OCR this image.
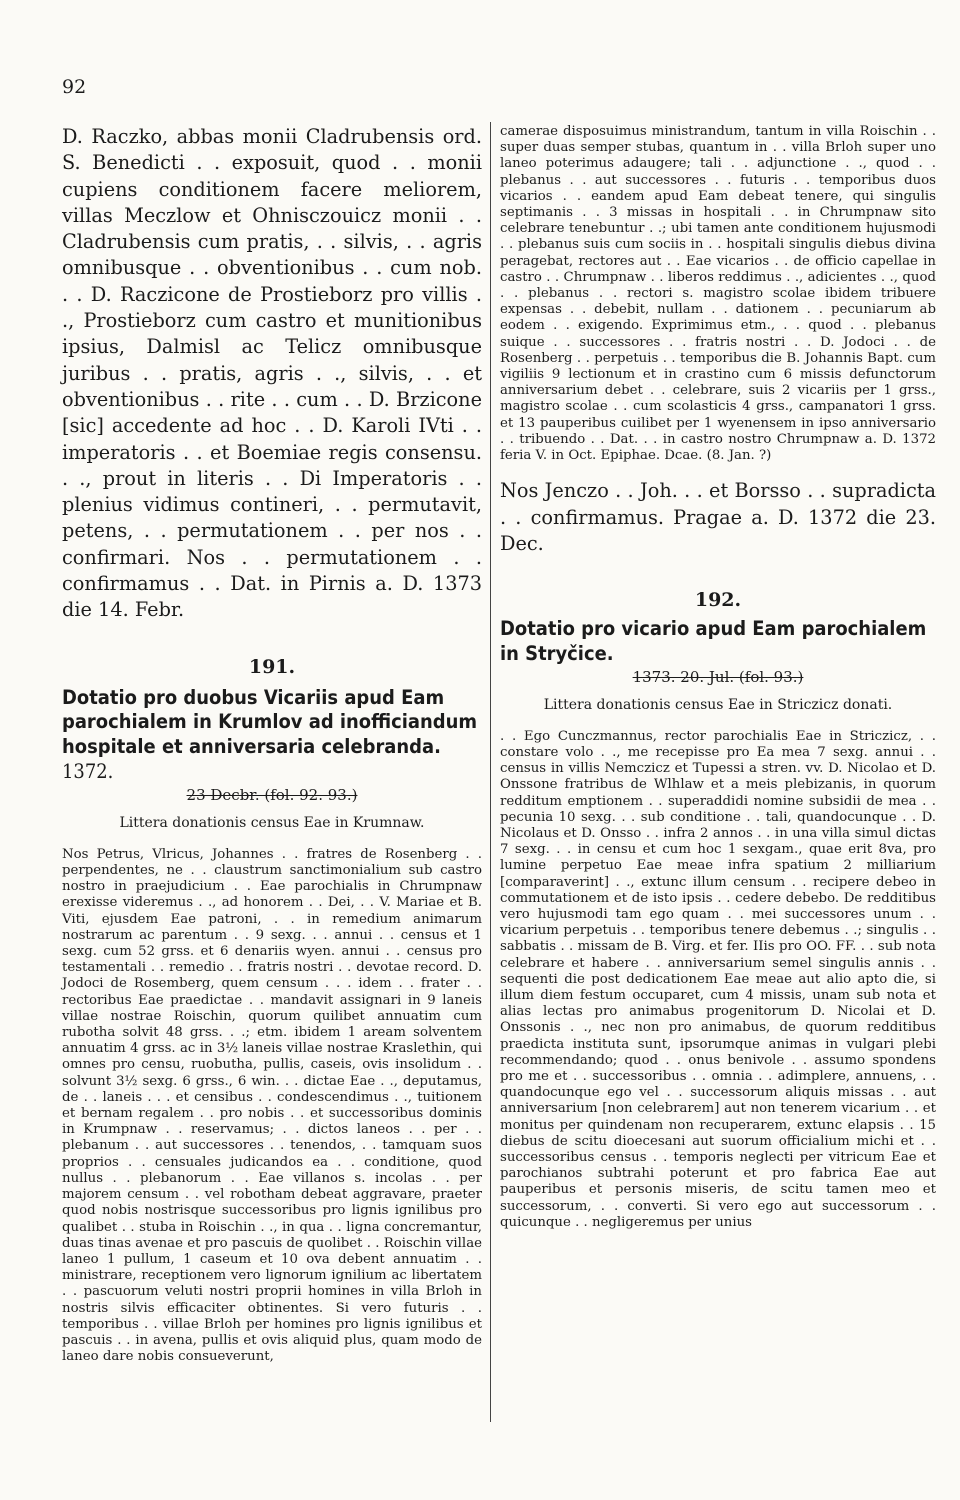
92

D. Raczko, abbas monii Cladrubensis ord. S. Benedicti . . exposuit, quod . . monii cupiens conditionem facere meliorem, villas Meczlow et Ohnisczouicz monii . . Cladrubensis cum pratis, . . silvis, . . agris omnibusque . . obventionibus . . cum nob. . . D. Raczicone de Prostieborz pro villis . ., Prostieborz cum castro et munitionibus ipsius, Dalmisl ac Telicz omnibusque juribus . . pratis, agris . ., silvis, . . et obventionibus . . rite . . cum . . D. Brzicone [sic] accedente ad hoc . . D. Karoli IVti . . imperatoris . . et Boemiae regis consensu. . ., prout in literis . . Di Imperatoris . . plenius vidimus contineri, . . permutavit, petens, . . permutationem . . per nos . . confirmari. Nos . . permutationem . . confirmamus . . Dat. in Pirnis a. D. 1373 die 14. Febr.

191.

Dotatio pro duobus Vicariis apud Eam parochialem in Krumlov ad inofficiandum hospitale et anniversaria celebranda. 1372.

23 Decbr. (fol. 92. 93.)
Littera donationis census Eae in Krumnaw.

Nos Petrus, Vlricus, Johannes . . fratres de Rosenberg . . perpendentes, ne . . claustrum sanctimonialium sub castro nostro in praejudicium . . Eae parochialis in Chrumpnaw erexisse videremus . ., ad honorem . . Dei, . . V. Mariae et B. Viti, ejusdem Eae patroni, . . in remedium animarum nostrarum ac parentum . . 9 sexg. . . annui . . census et 1 sexg. cum 52 grss. et 6 denariis wyen. annui . . census pro testamentali . . remedio . . fratris nostri . . devotae record. D. Jodoci de Rosemberg, quem censum . . . idem . . frater . . rectoribus Eae praedictae . . mandavit assignari in 9 laneis villae nostrae Roischin, quorum quilibet annuatim cum rubotha solvit 48 grss. . .; etm. ibidem 1 aream solventem annuatim 4 grss. ac in 3½ laneis villae nostrae Kraslethin, qui omnes pro censu, ruobutha, pullis, caseis, ovis insolidum . . solvunt 3½ sexg. 6 grss., 6 win. . . dictae Eae . ., deputamus, de . . laneis . . . et censibus . . condescendimus . ., tuitionem et bernam regalem . . pro nobis . . et successoribus dominis in Krumpnaw . . reservamus; . . dictos laneos . . per . . plebanum . . aut successores . . tenendos, . . tamquam suos proprios . . censuales judicandos ea . . conditione, quod nullus . . plebanorum . . Eae villanos s. incolas . . per majorem censum . . vel robotham debeat aggravare, praeter quod nobis nostrisque successoribus pro lignis ignilibus pro qualibet . . stuba in Roischin . ., in qua . . ligna concremantur, duas tinas avenae et pro pascuis de quolibet . . Roischin villae laneo 1 pullum, 1 caseum et 10 ova debent annuatim . . ministrare, receptionem vero lignorum ignilium ac libertatem . . pascuorum veluti nostri proprii homines in villa Brloh in nostris silvis efficaciter obtinentes. Si vero futuris . . temporibus . . villae Brloh per homines pro lignis ignilibus et pascuis . . in avena, pullis et ovis aliquid plus, quam modo de laneo dare nobis consueverunt,

camerae disposuimus ministrandum, tantum in villa Roischin . . super duas semper stubas, quantum in . . villa Brloh super uno laneo poterimus adaugere; tali . . adjunctione . ., quod . . plebanus . . aut successores . . futuris . . temporibus duos vicarios . . eandem apud Eam debeat tenere, qui singulis septimanis . . 3 missas in hospitali . . in Chrumpnaw sito celebrare tenebuntur . .; ubi tamen ante conditionem hujusmodi . . plebanus suis cum sociis in . . hospitali singulis diebus divina peragebat, rectores aut . . Eae vicarios . . de officio capellae in castro . . Chrumpnaw . . liberos reddimus . ., adicientes . ., quod . . plebanus . . rectori s. magistro scolae ibidem tribuere expensas . . debebit, nullam . . dationem . . pecuniarum ab eodem . . exigendo. Exprimimus etm., . . quod . . plebanus suique . . successores . . fratris nostri . . D. Jodoci . . de Rosenberg . . perpetuis . . temporibus die B. Johannis Bapt. cum vigiliis 9 lectionum et in crastino cum 6 missis defunctorum anniversarium debet . . celebrare, suis 2 vicariis per 1 grss., magistro scolae . . cum scolasticis 4 grss., campanatori 1 grss. et 13 pauperibus cuilibet per 1 wyenensem in ipso anniversario . . tribuendo . . Dat. . . in castro nostro Chrumpnaw a. D. 1372 feria V. in Oct. Epiphae. Dcae. (8. Jan. ?)

Nos Jenczo . . Joh. . . et Borsso . . supradicta . . confirmamus. Pragae a. D. 1372 die 23. Dec.

192.

Dotatio pro vicario apud Eam parochialem in Stryčice.

1373. 20. Jul. (fol. 93.)
Littera donationis census Eae in Striczicz donati.

. . Ego Cunczmannus, rector parochialis Eae in Striczicz, . . constare volo . ., me recepisse pro Ea mea 7 sexg. annui . . census in villis Nemczicz et Tupessi a stren. vv. D. Nicolao et D. Onssone fratribus de Wlhlaw et a meis plebizanis, in quorum redditum emptionem . . superaddidi nomine subsidii de mea . . pecunia 10 sexg. . . sub conditione . . tali, quandocunque . . D. Nicolaus et D. Onsso . . infra 2 annos . . in una villa simul dictas 7 sexg. . . in censu et cum hoc 1 sexgam., quae erit 8va, pro lumine perpetuo Eae meae infra spatium 2 milliarium [comparaverint] . ., extunc illum censum . . recipere debeo in commutationem et de isto ipsis . . cedere debebo. De redditibus vero hujusmodi tam ego quam . . mei successores unum . . vicarium perpetuis . . temporibus tenere debemus . .; singulis . . sabbatis . . missam de B. Virg. et fer. IIis pro OO. FF. . . sub nota celebrare et habere . . anniversarium semel singulis annis . . sequenti die post dedicationem Eae meae aut alio apto die, si illum diem festum occuparet, cum 4 missis, unam sub nota et alias lectas pro animabus progenitorum D. Nicolai et D. Onssonis . ., nec non pro animabus, de quorum redditibus praedicta instituta sunt, ipsorumque animas in vulgari plebi recommendando; quod . . onus benivole . . assumo spondens pro me et . . successoribus . . omnia . . adimplere, annuens, . . quandocunque ego vel . . successorum aliquis missas . . aut anniversarium [non celebrarem] aut non tenerem vicarium . . et monitus per quindenam non recuperarem, extunc elapsis . . 15 diebus de scitu dioecesani aut suorum officialium michi et . . successoribus census . . temporis neglecti per vitricum Eae et parochianos subtrahi poterunt et pro fabrica Eae aut pauperibus et personis miseris, de scitu tamen meo et successorum, . . converti. Si vero ego aut successorum . . quicunque . . negligeremus per unius
